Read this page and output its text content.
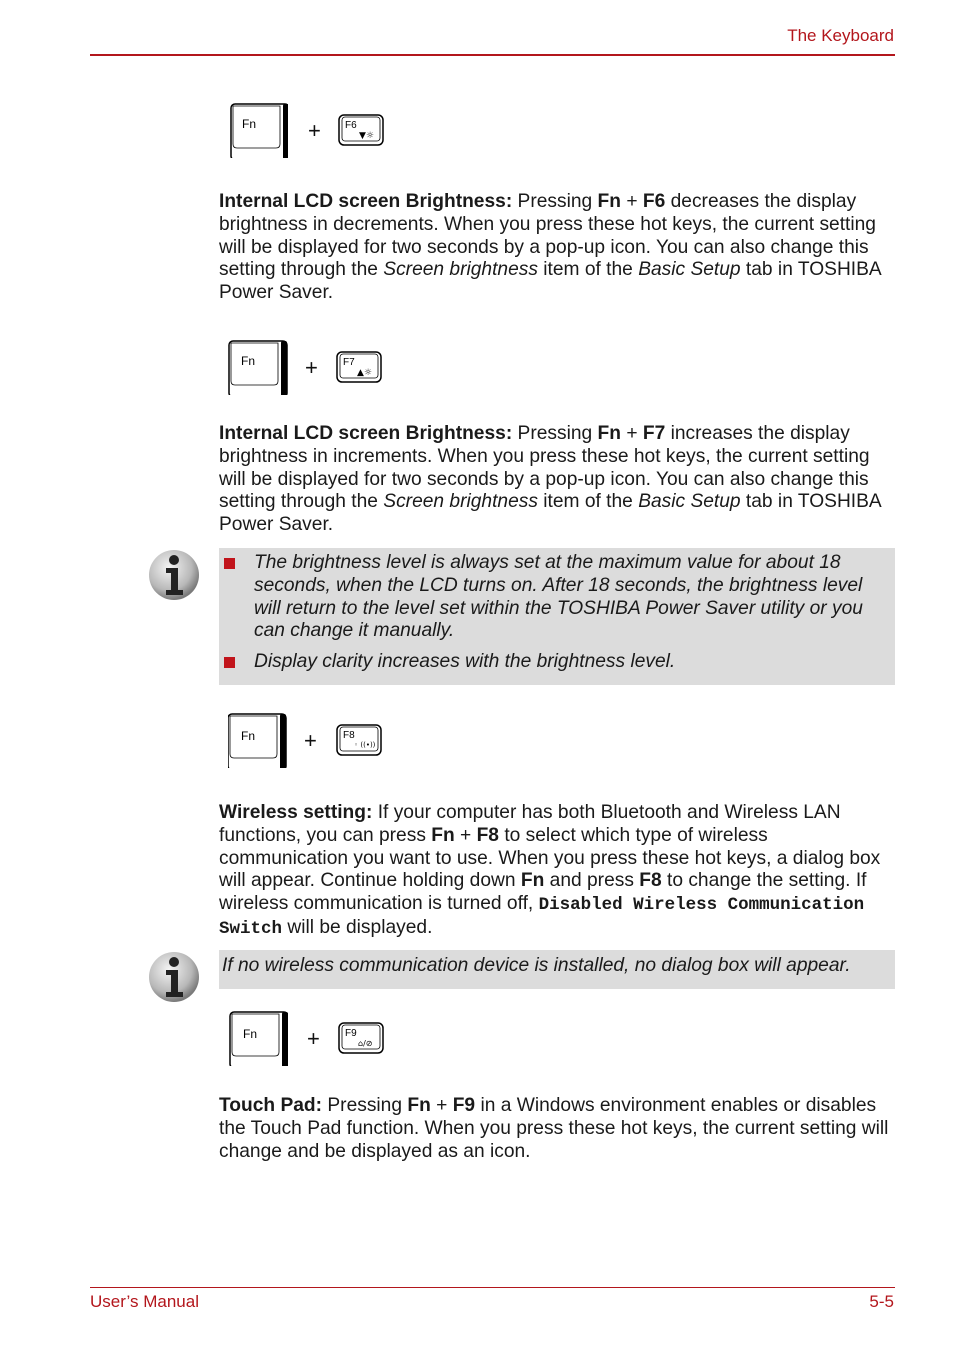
The Keyboard
Fn + F6
▼☼
Internal LCD screen Brightness: Pressing Fn + F6 decreases the display brightness in decrements. When you press these hot keys, the current setting will be displayed for two seconds by a pop-up icon. You can also change this setting through the Screen brightness item of the Basic Setup tab in TOSHIBA Power Saver.
Fn +	F7
▲☼
Internal LCD screen Brightness: Pressing Fn + F7 increases the display brightness in increments. When you press these hot keys, the current setting will be displayed for two seconds by a pop-up icon. You can also change this setting through the Screen brightness item of the Basic Setup tab in TOSHIBA Power Saver.
The brightness level is always set at the maximum value for about 18 seconds, when the LCD turns on. After 18 seconds, the brightness level will return to the level set within the TOSHIBA Power Saver utility or you can change it manually.
Display clarity increases with the brightness level.
Fn +	F8
◦ ((•))
Wireless setting: If your computer has both Bluetooth and Wireless LAN functions, you can press Fn + F8 to select which type of wireless communication you want to use. When you press these hot keys, a dialog box will appear. Continue holding down Fn and press F8 to change the setting. If wireless communication is turned off, Disabled Wireless Communication Switch will be displayed.
If no wireless communication device is installed, no dialog box will appear.
Fn +	F9
⌂/⊘
Touch Pad: Pressing Fn + F9 in a Windows environment enables or disables the Touch Pad function. When you press these hot keys, the current setting will change and be displayed as an icon.
User’s Manual	5-5
